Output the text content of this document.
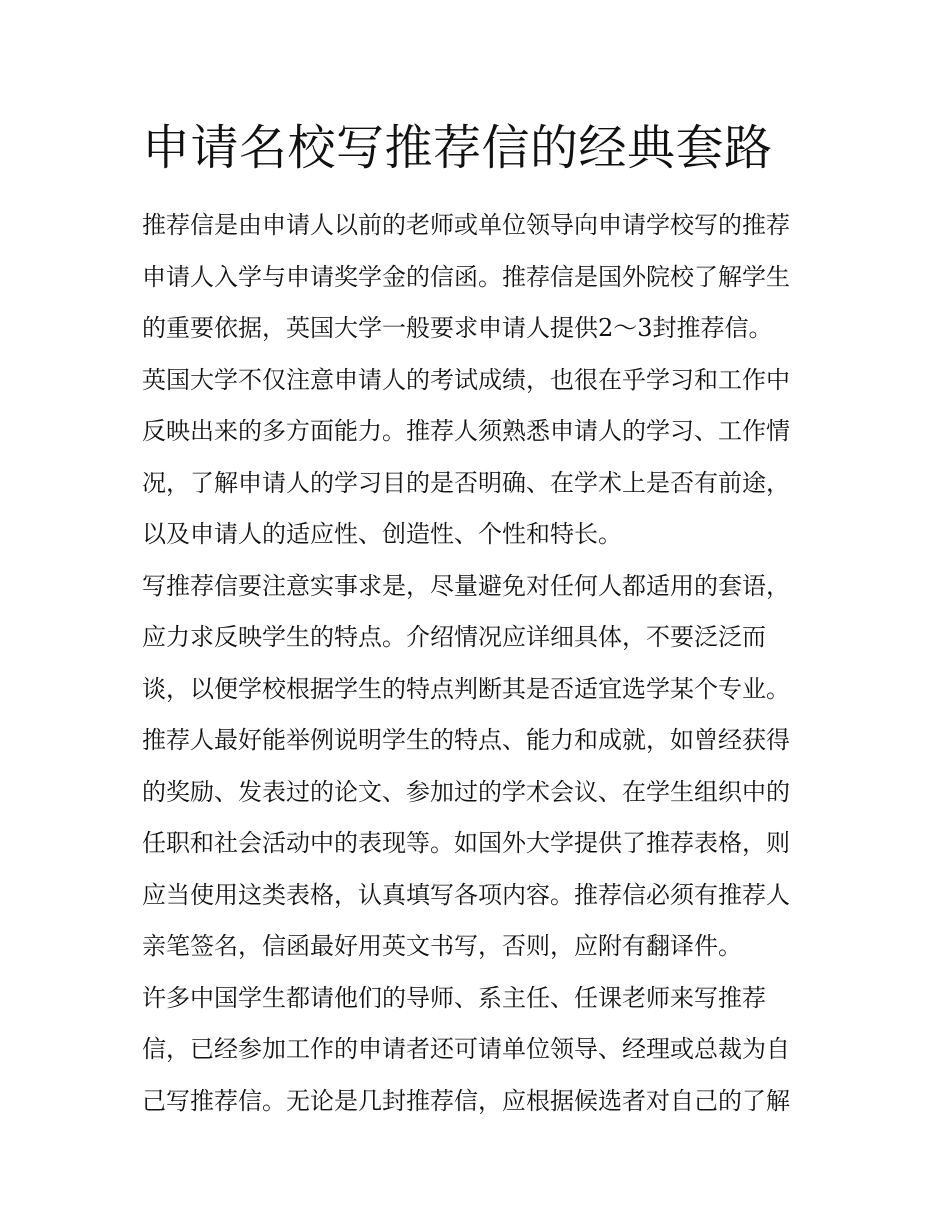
申请名校写推荐信的经典套路
推荐信是由申请人以前的老师或单位领导向申请学校写的推荐
申请人入学与申请奖学金的信函。推荐信是国外院校了解学生
的重要依据，英国大学一般要求申请人提供2～3封推荐信。
英国大学不仅注意申请人的考试成绩，也很在乎学习和工作中
反映出来的多方面能力。推荐人须熟悉申请人的学习、工作情
况，了解申请人的学习目的是否明确、在学术上是否有前途，
以及申请人的适应性、创造性、个性和特长。
写推荐信要注意实事求是，尽量避免对任何人都适用的套语，
应力求反映学生的特点。介绍情况应详细具体，不要泛泛而
谈，以便学校根据学生的特点判断其是否适宜选学某个专业。
推荐人最好能举例说明学生的特点、能力和成就，如曾经获得
的奖励、发表过的论文、参加过的学术会议、在学生组织中的
任职和社会活动中的表现等。如国外大学提供了推荐表格，则
应当使用这类表格，认真填写各项内容。推荐信必须有推荐人
亲笔签名，信函最好用英文书写，否则，应附有翻译件。
许多中国学生都请他们的导师、系主任、任课老师来写推荐
信，已经参加工作的申请者还可请单位领导、经理或总裁为自
己写推荐信。无论是几封推荐信，应根据候选者对自己的了解
